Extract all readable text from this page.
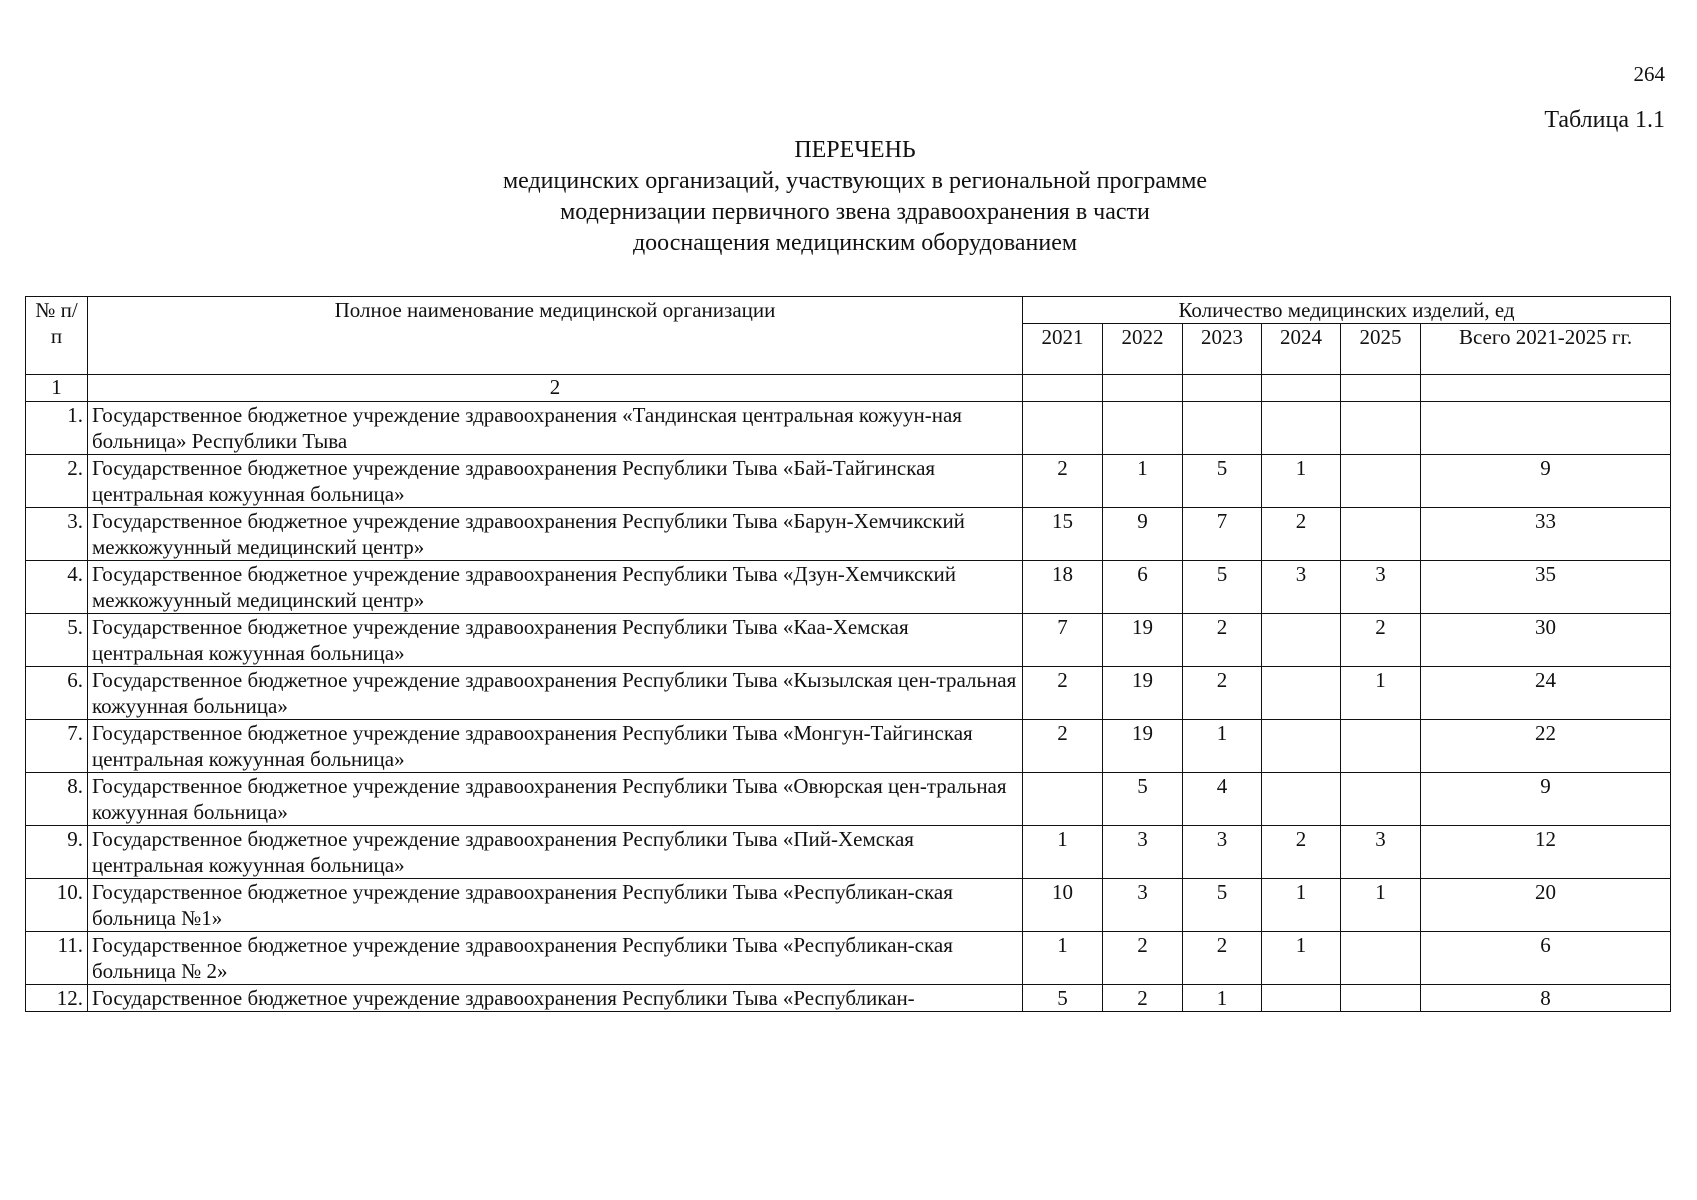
264
Таблица 1.1
ПЕРЕЧЕНЬ
медицинских организаций, участвующих в региональной программе
модернизации первичного звена здравоохранения в части
дооснащения медицинским оборудованием
№ п/п	Полное наименование медицинской организации	Количество медицинских изделий, ед					
		2021	2022	2023	2024	2025	Всего 2021-2025 гг.
1	2						
1.	Государственное бюджетное учреждение здравоохранения «Тандинская центральная кожуун-ная больница» Республики Тыва						
2.	Государственное бюджетное учреждение здравоохранения Республики Тыва «Бай-Тайгинская центральная кожуунная больница»	2	1	5	1		9
3.	Государственное бюджетное учреждение здравоохранения Республики Тыва «Барун-Хемчикский межкожуунный медицинский центр»	15	9	7	2		33
4.	Государственное бюджетное учреждение здравоохранения Республики Тыва «Дзун-Хемчикский межкожуунный медицинский центр»	18	6	5	3	3	35
5.	Государственное бюджетное учреждение здравоохранения Республики Тыва «Каа-Хемская центральная кожуунная больница»	7	19	2		2	30
6.	Государственное бюджетное учреждение здравоохранения Республики Тыва «Кызылская цен-тральная кожуунная больница»	2	19	2		1	24
7.	Государственное бюджетное учреждение здравоохранения Республики Тыва «Монгун-Тайгинская центральная кожуунная больница»	2	19	1			22
8.	Государственное бюджетное учреждение здравоохранения Республики Тыва «Овюрская цен-тральная кожуунная больница»		5	4			9
9.	Государственное бюджетное учреждение здравоохранения Республики Тыва «Пий-Хемская центральная кожуунная больница»	1	3	3	2	3	12
10.	Государственное бюджетное учреждение здравоохранения Республики Тыва «Республикан-ская больница №1»	10	3	5	1	1	20
11.	Государственное бюджетное учреждение здравоохранения Республики Тыва «Республикан-ская больница № 2»	1	2	2	1		6
12.	Государственное бюджетное учреждение здравоохранения Республики Тыва «Республикан-	5	2	1			8
